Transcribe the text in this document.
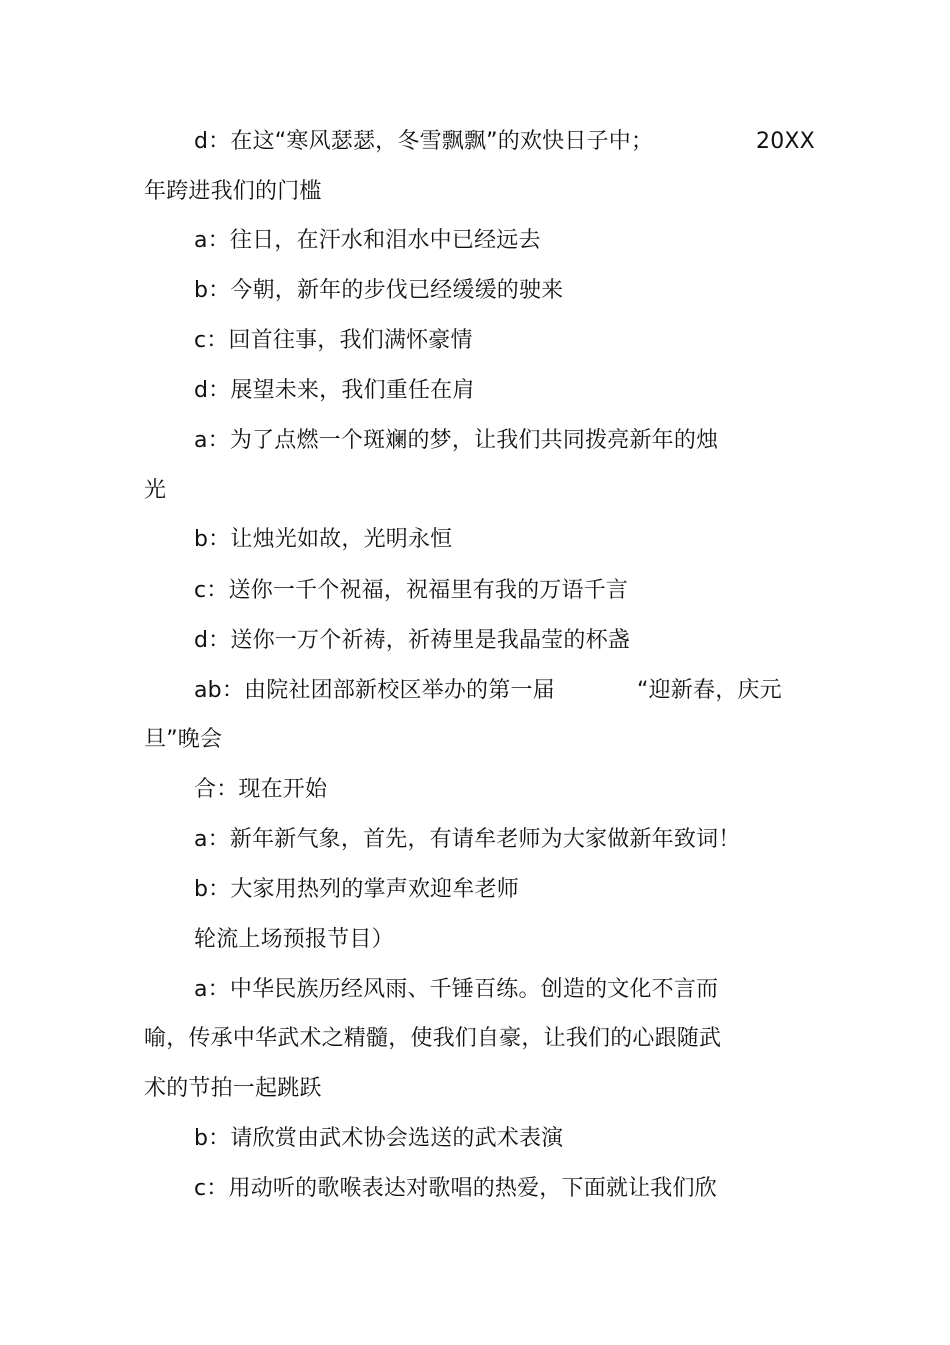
d：在这“寒风瑟瑟，冬雪飘飘”的欢快日子中；	20XX
年跨进我们的门槛
a：往日，在汗水和泪水中已经远去
b：今朝，新年的步伐已经缓缓的驶来
c：回首往事，我们满怀豪情
d：展望未来，我们重任在肩
a：为了点燃一个斑斓的梦，让我们共同拨亮新年的烛
光
b：让烛光如故，光明永恒
c：送你一千个祝福，祝福里有我的万语千言
d：送你一万个祈祷，祈祷里是我晶莹的杯盏
ab：由院社团部新校区举办的第一届	“迎新春，庆元
旦”晚会
合：现在开始
a：新年新气象，首先，有请牟老师为大家做新年致词！
b：大家用热列的掌声欢迎牟老师
轮流上场预报节目）
a：中华民族历经风雨、千锤百练。创造的文化不言而
喻，传承中华武术之精髓，使我们自豪，让我们的心跟随武
术的节拍一起跳跃
b：请欣赏由武术协会选送的武术表演
c：用动听的歌喉表达对歌唱的热爱，下面就让我们欣
